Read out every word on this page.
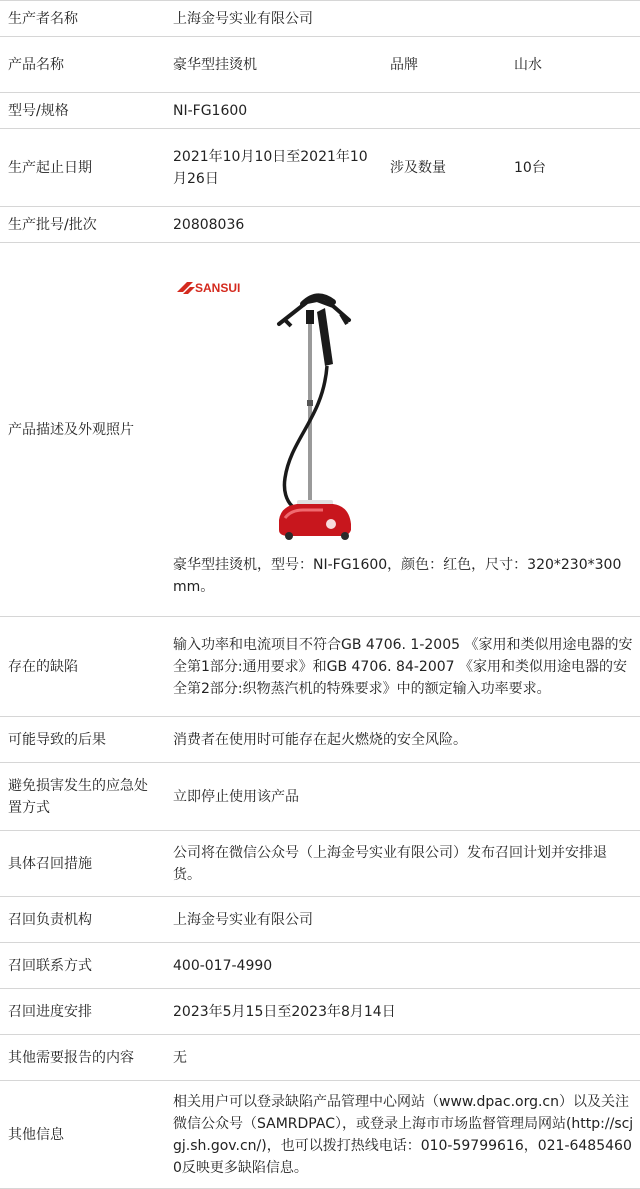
生产者名称	上海金号实业有限公司		
产品名称	豪华型挂烫机	品牌	山水
型号/规格	NI-FG1600		
生产起止日期	2021年10月10日至2021年10月26日	涉及数量	10台
生产批号/批次	20808036		
产品描述及外观照片	SANSUI
豪华型挂烫机，型号：NI-FG1600，颜色：红色，尺寸：320*230*300mm。		

存在的缺陷	输入功率和电流项目不符合GB 4706. 1-2005 《家用和类似用途电器的安全第1部分:通用要求》和GB 4706. 84-2007 《家用和类似用途电器的安全第2部分:织物蒸汽机的特殊要求》中的额定输入功率要求。		
可能导致的后果	消费者在使用时可能存在起火燃烧的安全风险。		
避免损害发生的应急处置方式	立即停止使用该产品		
具体召回措施	公司将在微信公众号（上海金号实业有限公司）发布召回计划并安排退货。		
召回负责机构	上海金号实业有限公司		
召回联系方式	400-017-4990		
召回进度安排	2023年5月15日至2023年8月14日		
其他需要报告的内容	无		
其他信息	相关用户可以登录缺陷产品管理中心网站（www.dpac.org.cn）以及关注微信公众号（SAMRDPAC），或登录上海市市场监督管理局网站(http://scjgj.sh.gov.cn/)，也可以拨打热线电话：010-59799616，021-64854600反映更多缺陷信息。		
